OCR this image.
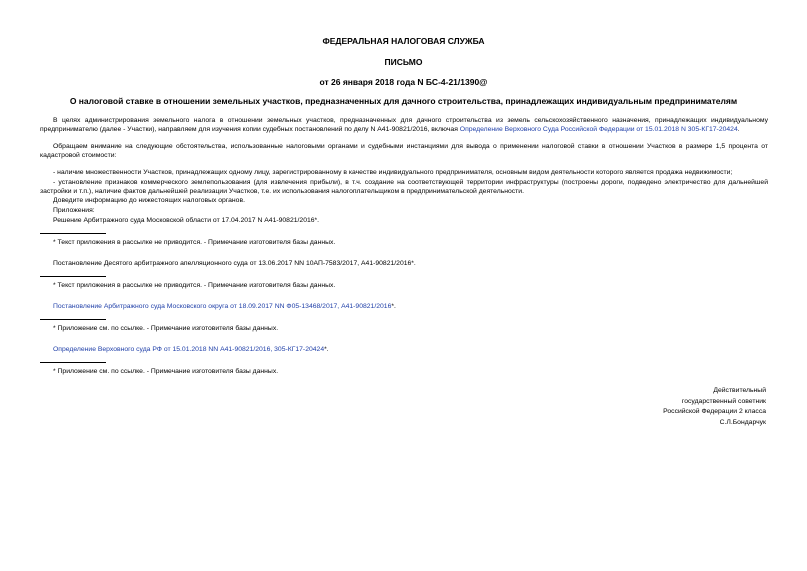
ФЕДЕРАЛЬНАЯ НАЛОГОВАЯ СЛУЖБА
ПИСЬМО
от 26 января 2018 года N БС-4-21/1390@
О налоговой ставке в отношении земельных участков, предназначенных для дачного строительства, принадлежащих индивидуальным предпринимателям
В целях администрирования земельного налога в отношении земельных участков, предназначенных для дачного строительства из земель сельскохозяйственного назначения, принадлежащих индивидуальному предпринимателю (далее - Участки), направляем для изучения копии судебных постановлений по делу N А41-90821/2016, включая Определение Верховного Суда Российской Федерации от 15.01.2018 N 305-КГ17-20424.
Обращаем внимание на следующие обстоятельства, использованные налоговыми органами и судебными инстанциями для вывода о применении налоговой ставки в отношении Участков в размере 1,5 процента от кадастровой стоимости:
- наличие множественности Участков, принадлежащих одному лицу, зарегистрированному в качестве индивидуального предпринимателя, основным видом деятельности которого является продажа недвижимости;
- установление признаков коммерческого землепользования (для извлечения прибыли), в т.ч. создание на соответствующей территории инфраструктуры (построены дороги, подведено электричество для дальнейшей застройки и т.п.), наличие фактов дальнейшей реализации Участков, т.е. их использования налогоплательщиком в предпринимательской деятельности.
Доведите информацию до нижестоящих налоговых органов.
Приложения:
Решение Арбитражного суда Московской области от 17.04.2017 N А41-90821/2016*.
* Текст приложения в рассылке не приводится. - Примечание изготовителя базы данных.
Постановление Десятого арбитражного апелляционного суда от 13.06.2017 NN 10АП-7583/2017, А41-90821/2016*.
* Текст приложения в рассылке не приводится. - Примечание изготовителя базы данных.
Постановление Арбитражного суда Московского округа от 18.09.2017 NN Ф05-13468/2017, А41-90821/2016*.
* Приложение см. по ссылке. - Примечание изготовителя базы данных.
Определение Верховного суда РФ от 15.01.2018 NN А41-90821/2016, 305-КГ17-20424*.
* Приложение см. по ссылке. - Примечание изготовителя базы данных.
Действительный
государственный советник
Российской Федерации 2 класса
С.Л.Бондарчук
